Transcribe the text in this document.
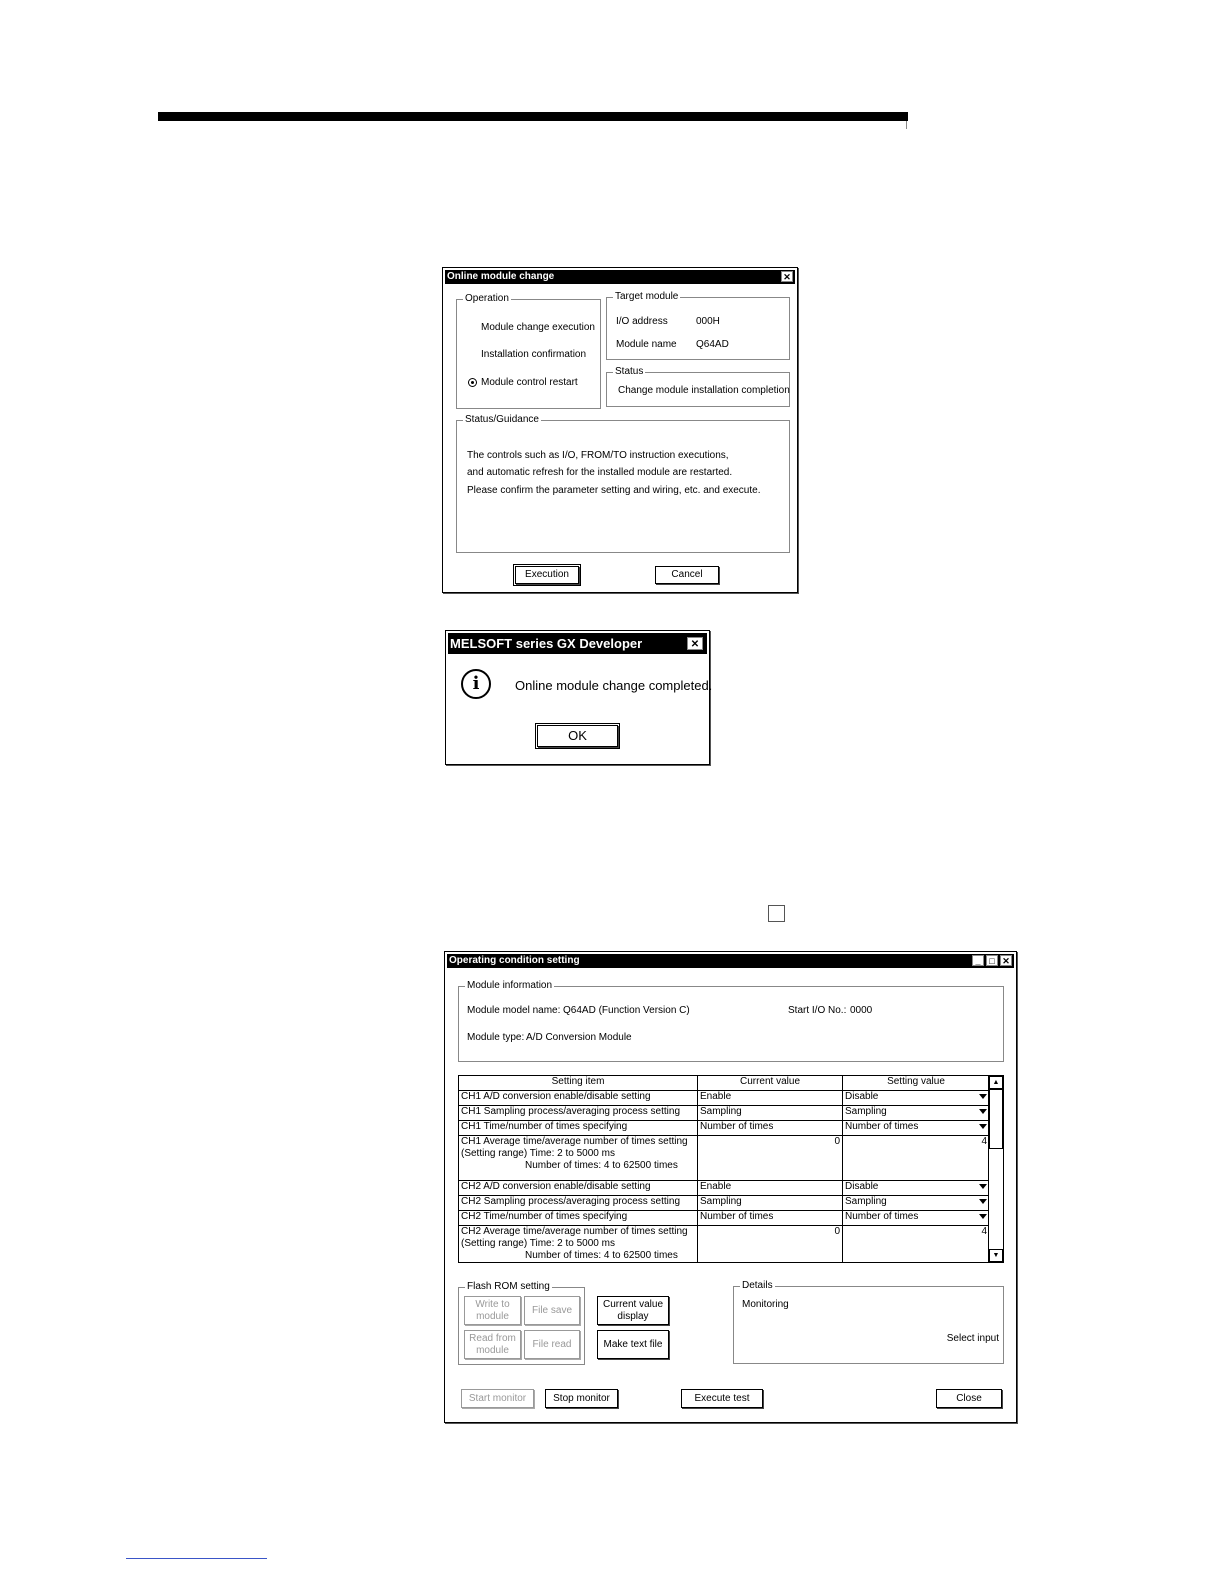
Online module change	✕
Operation
Module change execution
Installation confirmation
Module control restart
Target module
I/O address	000H
Module name Q64AD
Status
Change module installation completion
Status/Guidance
The controls such as I/O, FROM/TO instruction executions,
and automatic refresh for the installed module are restarted.
Please confirm the parameter setting and wiring, etc. and execute.
Execution	Cancel
MELSOFT series GX Developer	✕
i	Online module change completed.
OK
Operating condition setting	_ □ ✕
Module information
Module model name: Q64AD (Function Version C)	Start I/O No.: 0000
Module type: A/D Conversion Module
Setting item	Current value	Setting value
CH1 A/D conversion enable/disable setting	Enable	Disable

CH1 Sampling process/averaging process setting	Sampling	Sampling

CH1 Time/number of times specifying	Number of times	Number of times

CH1 Average time/average number of times setting
(Setting range) Time: 2 to 5000 ms
Number of times: 4 to 62500 times	0	4
CH2 A/D conversion enable/disable setting	Enable	Disable

CH2 Sampling process/averaging process setting	Sampling	Sampling

CH2 Time/number of times specifying	Number of times	Number of times

CH2 Average time/average number of times setting
(Setting range) Time: 2 to 5000 ms
Number of times: 4 to 62500 times	0	4
▲
▼
Flash ROM setting
Write to module
File save
Read from module
File read
Current value display
Make text file
Details
Monitoring
Select input
Start monitor	Stop monitor	Execute test	Close
